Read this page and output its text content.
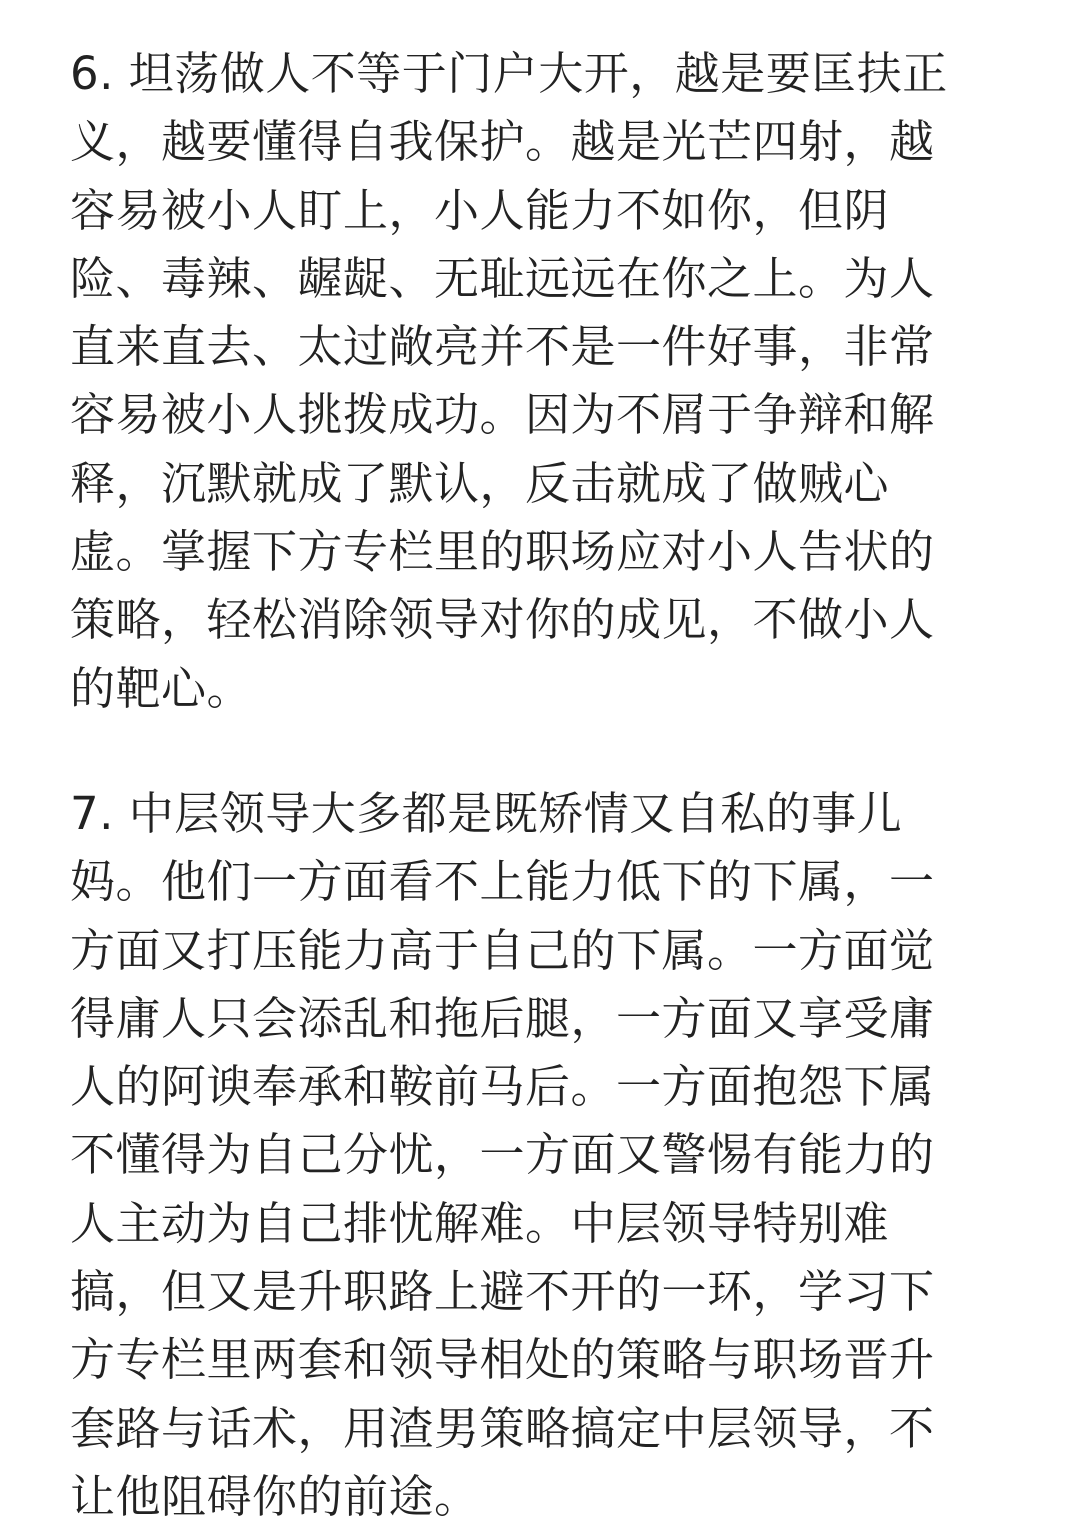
6. 坦荡做人不等于门户大开，越是要匡扶正
义，越要懂得自我保护。越是光芒四射，越
容易被小人盯上，小人能力不如你，但阴
险、毒辣、龌龊、无耻远远在你之上。为人
直来直去、太过敞亮并不是一件好事，非常
容易被小人挑拨成功。因为不屑于争辩和解
释，沉默就成了默认，反击就成了做贼心
虚。掌握下方专栏里的职场应对小人告状的
策略，轻松消除领导对你的成见，不做小人
的靶心。

7. 中层领导大多都是既矫情又自私的事儿
妈。他们一方面看不上能力低下的下属，一
方面又打压能力高于自己的下属。一方面觉
得庸人只会添乱和拖后腿，一方面又享受庸
人的阿谀奉承和鞍前马后。一方面抱怨下属
不懂得为自己分忧，一方面又警惕有能力的
人主动为自己排忧解难。中层领导特别难
搞，但又是升职路上避不开的一环，学习下
方专栏里两套和领导相处的策略与职场晋升
套路与话术，用渣男策略搞定中层领导，不
让他阻碍你的前途。
